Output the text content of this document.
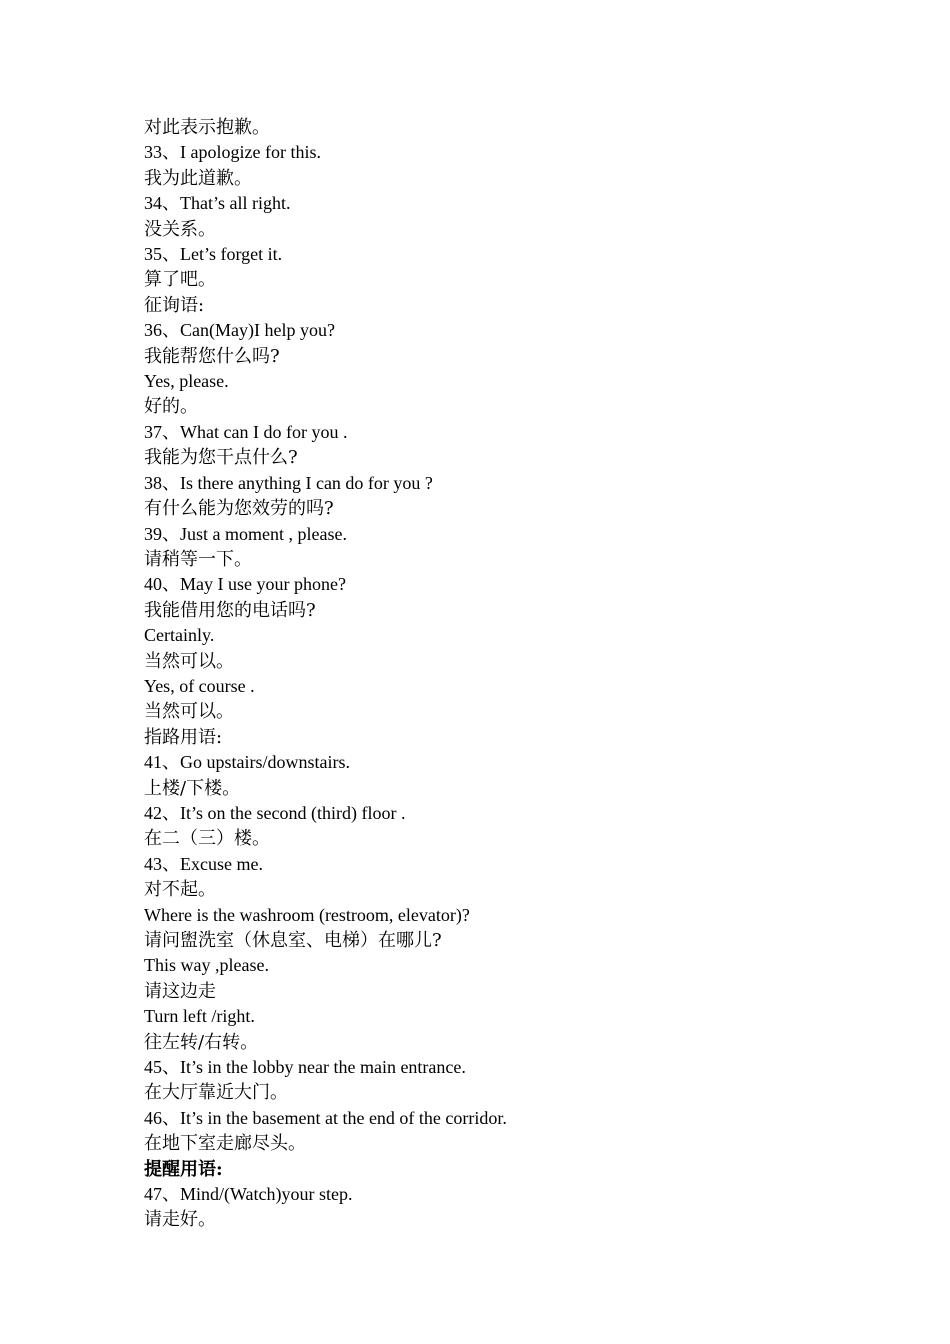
对此表示抱歉。
33、I apologize for this.
我为此道歉。
34、That’s all right.
没关系。
35、Let’s forget it.
算了吧。
征询语:
36、Can(May)I help you?
我能帮您什么吗?
Yes, please.
好的。
37、What can I do for you .
我能为您干点什么?
38、Is there anything I can do for you ?
有什么能为您效劳的吗?
39、Just a moment , please.
请稍等一下。
40、May I use your phone?
我能借用您的电话吗?
Certainly.
当然可以。
Yes, of course .
当然可以。
指路用语:
41、Go upstairs/downstairs.
上楼/下楼。
42、It’s on the second (third) floor .
在二（三）楼。
43、Excuse me.
对不起。
Where is the washroom (restroom, elevator)?
请问盥洗室（休息室、电梯）在哪儿?
This way ,please.
请这边走
Turn left /right.
往左转/右转。
45、It’s in the lobby near the main entrance.
在大厅靠近大门。
46、It’s in the basement at the end of the corridor.
在地下室走廊尽头。
提醒用语:
47、Mind/(Watch)your step.
请走好。
